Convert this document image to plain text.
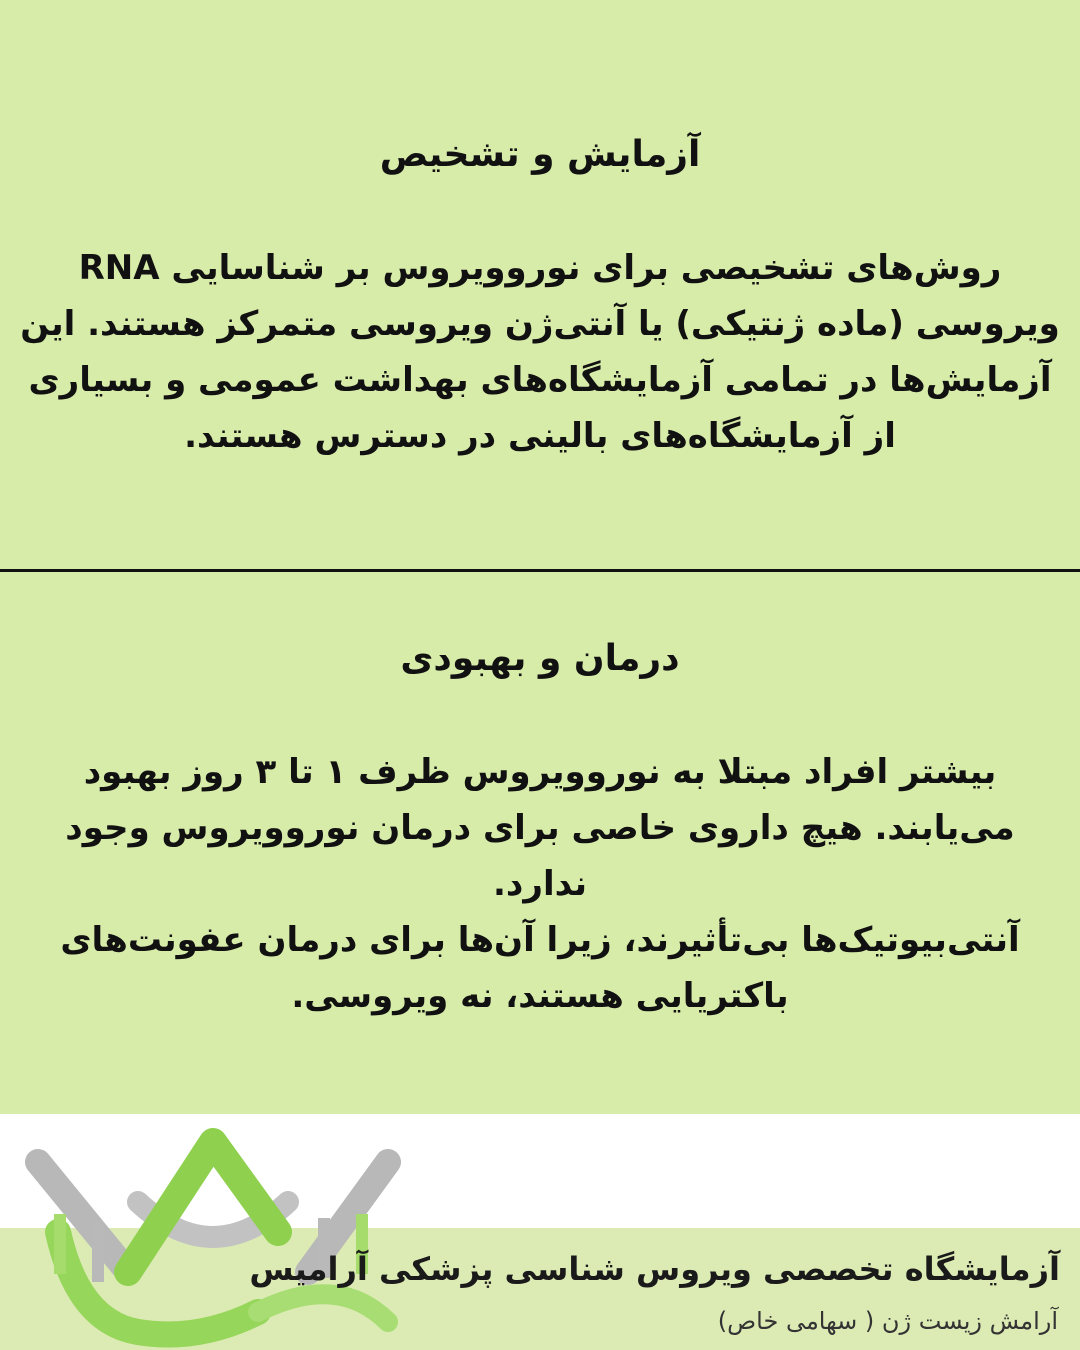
آزمایش و تشخیص

روش‌های تشخیصی برای نوروویروس بر شناسایی RNA ویروسی (ماده ژنتیکی) یا آنتی‌ژن ویروسی متمرکز هستند. این آزمایش‌ها در تمامی آزمایشگاه‌های بهداشت عمومی و بسیاری از آزمایشگاه‌های بالینی در دسترس هستند.

درمان و بهبودی

بیشتر افراد مبتلا به نوروویروس ظرف ۱ تا ۳ روز بهبود می‌یابند. هیچ داروی خاصی برای درمان نوروویروس وجود ندارد.

آنتی‌بیوتیک‌ها بی‌تأثیرند، زیرا آن‌ها برای درمان عفونت‌های باکتریایی هستند، نه ویروسی.

آزمایشگاه تخصصی ویروس شناسی پزشکی آرامیس
آرامش زیست ژن ( سهامی خاص)
